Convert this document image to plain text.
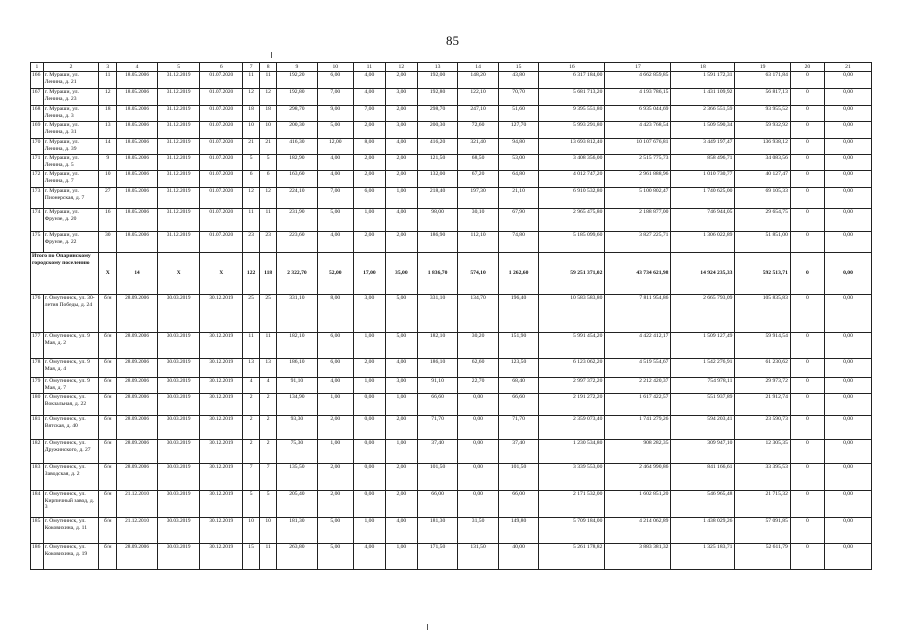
85
1	2	3	4	5	6	7	8	9	10	11	12	13	14	15	16	17	18	19	20	21
166	г. Мураши, ул. Ленина, д. 21	11	18.05.2006	31.12.2019	01.07.2020	11	11	192,20	6,00	4,00	2,00	192,00	148,20	43,80	6 317 184,00	4 662 859,85	1 591 172,31	63 171,84	0	0,00
167	г. Мураши, ул. Ленина, д. 23	12	18.05.2006	31.12.2019	01.07.2020	12	12	192,80	7,00	4,00	3,00	192,80	122,10	70,70	5 681 713,20	4 193 786,15	1 431 109,92	56 817,13	0	0,00
168	г. Мураши, ул. Ленина, д. 3	18	18.05.2006	31.12.2019	01.07.2020	18	18	298,70	9,00	7,00	2,00	298,70	247,10	51,60	9 395 551,80	6 935 044,69	2 366 551,59	93 955,52	0	0,00
169	г. Мураши, ул. Ленина, д. 31	13	18.05.2006	31.12.2019	01.07.2020	10	10	200,30	5,00	2,00	3,00	200,30	72,60	127,70	5 993 291,80	4 423 768,54	1 509 590,34	59 932,92	0	0,00
170	г. Мураши, ул. Ленина, д. 39	14	18.05.2006	31.12.2019	01.07.2020	21	21	416,30	12,00	8,00	4,00	416,20	321,40	94,80	13 693 812,40	10 107 676,81	3 449 197,47	136 938,12	0	0,00
171	г. Мураши, ул. Ленина, д. 5	9	18.05.2006	31.12.2019	01.07.2020	5	5	182,90	4,00	2,00	2,00	121,50	68,50	53,00	3 408 356,00	2 515 775,73	858 496,71	34 083,56	0	0,00
172	г. Мураши, ул. Ленина, д. 7	10	18.05.2006	31.12.2019	01.07.2020	6	6	163,60	4,00	2,00	2,00	132,00	67,20	64,80	4 012 747,20	2 961 888,96	1 010 730,77	40 127,47	0	0,00
173	г. Мураши, ул. Пионерская, д. 7	27	18.05.2006	31.12.2019	01.07.2020	12	12	224,10	7,00	6,00	1,00	218,40	197,30	21,10	6 910 532,80	5 100 802,47	1 740 625,00	69 105,33	0	0,00
174	г. Мураши, ул. Фрунзе, д. 20	16	18.05.2006	31.12.2019	01.07.2020	11	11	231,90	5,00	1,00	4,00	98,00	30,10	67,90	2 965 475,80	2 188 877,00	746 944,05	29 654,75	0	0,00
175	г. Мураши, ул. Фрунзе, д. 22	30	18.05.2006	31.12.2019	01.07.2020	23	23	223,60	4,00	2,00	2,00	186,90	112,10	74,80	5 185 099,60	3 827 225,71	1 306 022,89	51 851,00	0	0,00
Итого по Опаринскому городскому поселению		X	14	X	X	122	118	2 322,70	52,00	17,00	35,00	1 836,70	574,10	1 262,60	59 251 371,02	43 734 621,98	14 924 235,33	592 513,71	0	0,00
176	г. Омутнинск, ул. 30-летия Победы, д. 24	б/н	28.09.2006	30.03.2019	30.12.2019	25	25	331,10	8,00	3,00	5,00	331,10	134,70	196,40	10 583 583,80	7 811 954,86	2 665 793,09	105 835,83	0	0,00
177	г. Омутнинск, ул. 9 Мая, д. 2	б/н	28.09.2006	30.03.2019	30.12.2019	11	11	182,10	6,00	1,00	5,00	182,10	30,20	151,90	5 991 454,20	4 422 412,17	1 509 127,49	59 914,54	0	0,00
178	г. Омутнинск, ул. 9 Мая, д. 4	б/н	28.09.2006	30.03.2019	30.12.2019	13	13	186,10	6,00	2,00	4,00	186,10	62,60	123,50	6 123 062,20	4 519 554,67	1 542 276,91	61 230,62	0	0,00
179	г. Омутнинск, ул. 9 Мая, д. 7	б/н	28.09.2006	30.03.2019	30.12.2019	4	4	91,10	4,00	1,00	3,00	91,10	22,70	68,40	2 997 372,20	2 212 420,37	754 978,11	29 973,72	0	0,00
180	г. Омутнинск, ул. Вокзальная, д. 22	б/н	28.09.2006	30.03.2019	30.12.2019	2	2	134,90	1,00	0,00	1,00	66,60	0,00	66,60	2 191 272,20	1 617 422,57	551 937,89	21 912,74	0	0,00
181	г. Омутнинск, ул. Вятская, д. 40	б/н	28.09.2006	30.03.2019	30.12.2019	2	2	93,30	2,00	0,00	2,00	71,70	0,00	71,70	2 359 073,40	1 741 279,26	594 203,41	23 590,73	0	0,00
182	г. Омутнинск, ул. Дружинского, д. 27	б/н	28.09.2006	30.03.2019	30.12.2019	2	2	75,30	1,00	0,00	1,00	37,40	0,00	37,40	1 230 534,80	908 282,35	309 947,10	12 305,35	0	0,00
183	г. Омутнинск, ул. Заводская, д. 2	б/н	28.09.2006	30.03.2019	30.12.2019	7	7	135,50	2,00	0,00	2,00	101,50	0,00	101,50	3 339 553,00	2 464 990,86	841 166,61	33 395,53	0	0,00
184	г. Омутнинск, ул. Кирпичный завод, д. 3	б/н	21.12.2010	30.03.2019	30.12.2019	5	5	205,40	2,00	0,00	2,00	66,00	0,00	66,00	2 171 532,00	1 602 851,20	546 965,48	21 715,32	0	0,00
185	г. Омутнинск, ул. Коковихина, д. 11	б/н	21.12.2010	30.03.2019	30.12.2019	10	10	181,30	5,00	1,00	4,00	181,30	31,50	149,80	5 709 184,00	4 214 062,89	1 438 029,26	57 091,85	0	0,00
186	г. Омутнинск, ул. Коковихина, д. 19	б/н	28.09.2006	30.03.2019	30.12.2019	15	11	263,80	5,00	4,00	1,00	171,50	131,50	40,00	5 261 178,82	3 883 381,32	1 325 183,71	52 611,79	0	0,00
